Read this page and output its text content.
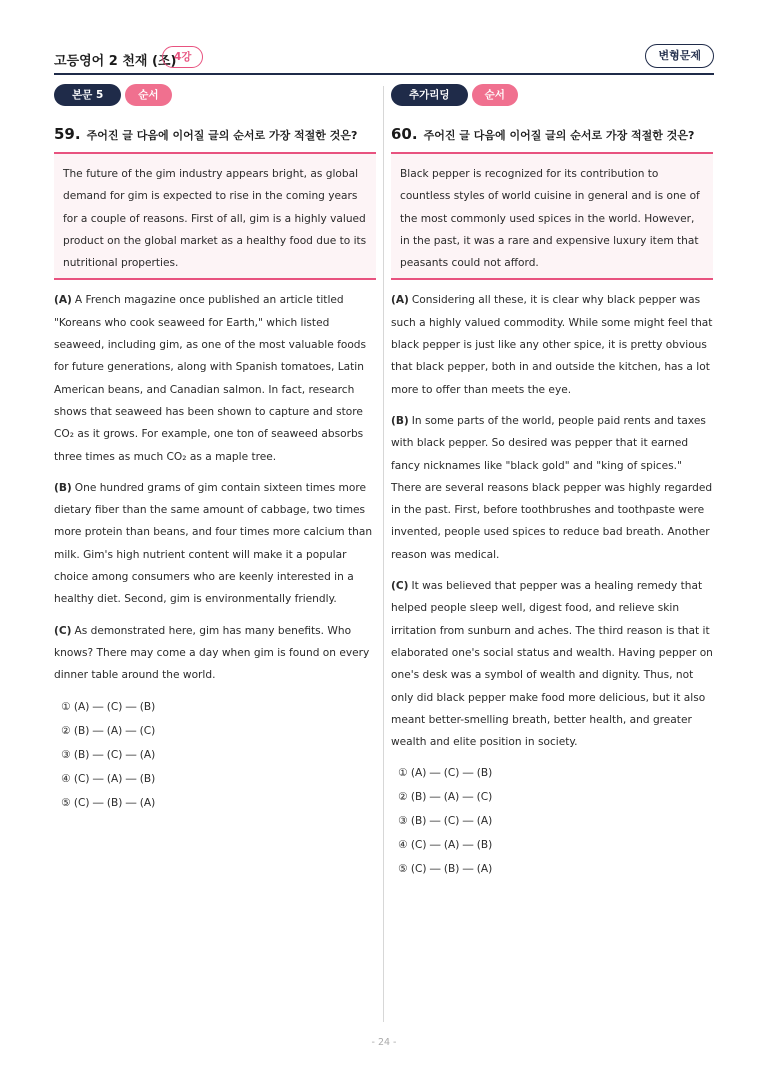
고등영어 2 천재 (조)
4강	변형문제
본문 5	순서
59. 주어진 글 다음에 이어질 글의 순서로 가장 적절한 것은?
The future of the gim industry appears bright, as global demand for gim is expected to rise in the coming years for a couple of reasons. First of all, gim is a highly valued product on the global market as a healthy food due to its nutritional properties.
(A) A French magazine once published an article titled "Koreans who cook seaweed for Earth," which listed seaweed, including gim, as one of the most valuable foods for future generations, along with Spanish tomatoes, Latin American beans, and Canadian salmon. In fact, research shows that seaweed has been shown to capture and store CO₂ as it grows. For example, one ton of seaweed absorbs three times as much CO₂ as a maple tree.
(B) One hundred grams of gim contain sixteen times more dietary fiber than the same amount of cabbage, two times more protein than beans, and four times more calcium than milk. Gim's high nutrient content will make it a popular choice among consumers who are keenly interested in a healthy diet. Second, gim is environmentally friendly.
(C) As demonstrated here, gim has many benefits. Who knows? There may come a day when gim is found on every dinner table around the world.
① (A) ― (C) ― (B)② (B) ― (A) ― (C)
③ (B) ― (C) ― (A)④ (C) ― (A) ― (B)
⑤ (C) ― (B) ― (A)
추가리딩	순서
60. 주어진 글 다음에 이어질 글의 순서로 가장 적절한 것은?
Black pepper is recognized for its contribution to countless styles of world cuisine in general and is one of the most commonly used spices in the world. However, in the past, it was a rare and expensive luxury item that peasants could not afford.
(A) Considering all these, it is clear why black pepper was such a highly valued commodity. While some might feel that black pepper is just like any other spice, it is pretty obvious that black pepper, both in and outside the kitchen, has a lot more to offer than meets the eye.
(B) In some parts of the world, people paid rents and taxes with black pepper. So desired was pepper that it earned fancy nicknames like "black gold" and "king of spices." There are several reasons black pepper was highly regarded in the past. First, before toothbrushes and toothpaste were invented, people used spices to reduce bad breath. Another reason was medical.
(C) It was believed that pepper was a healing remedy that helped people sleep well, digest food, and relieve skin irritation from sunburn and aches. The third reason is that it elaborated one's social status and wealth. Having pepper on one's desk was a symbol of wealth and dignity. Thus, not only did black pepper make food more delicious, but it also meant better-smelling breath, better health, and greater wealth and elite position in society.
① (A) ― (C) ― (B)② (B) ― (A) ― (C)
③ (B) ― (C) ― (A)④ (C) ― (A) ― (B)
⑤ (C) ― (B) ― (A)
- 24 -
